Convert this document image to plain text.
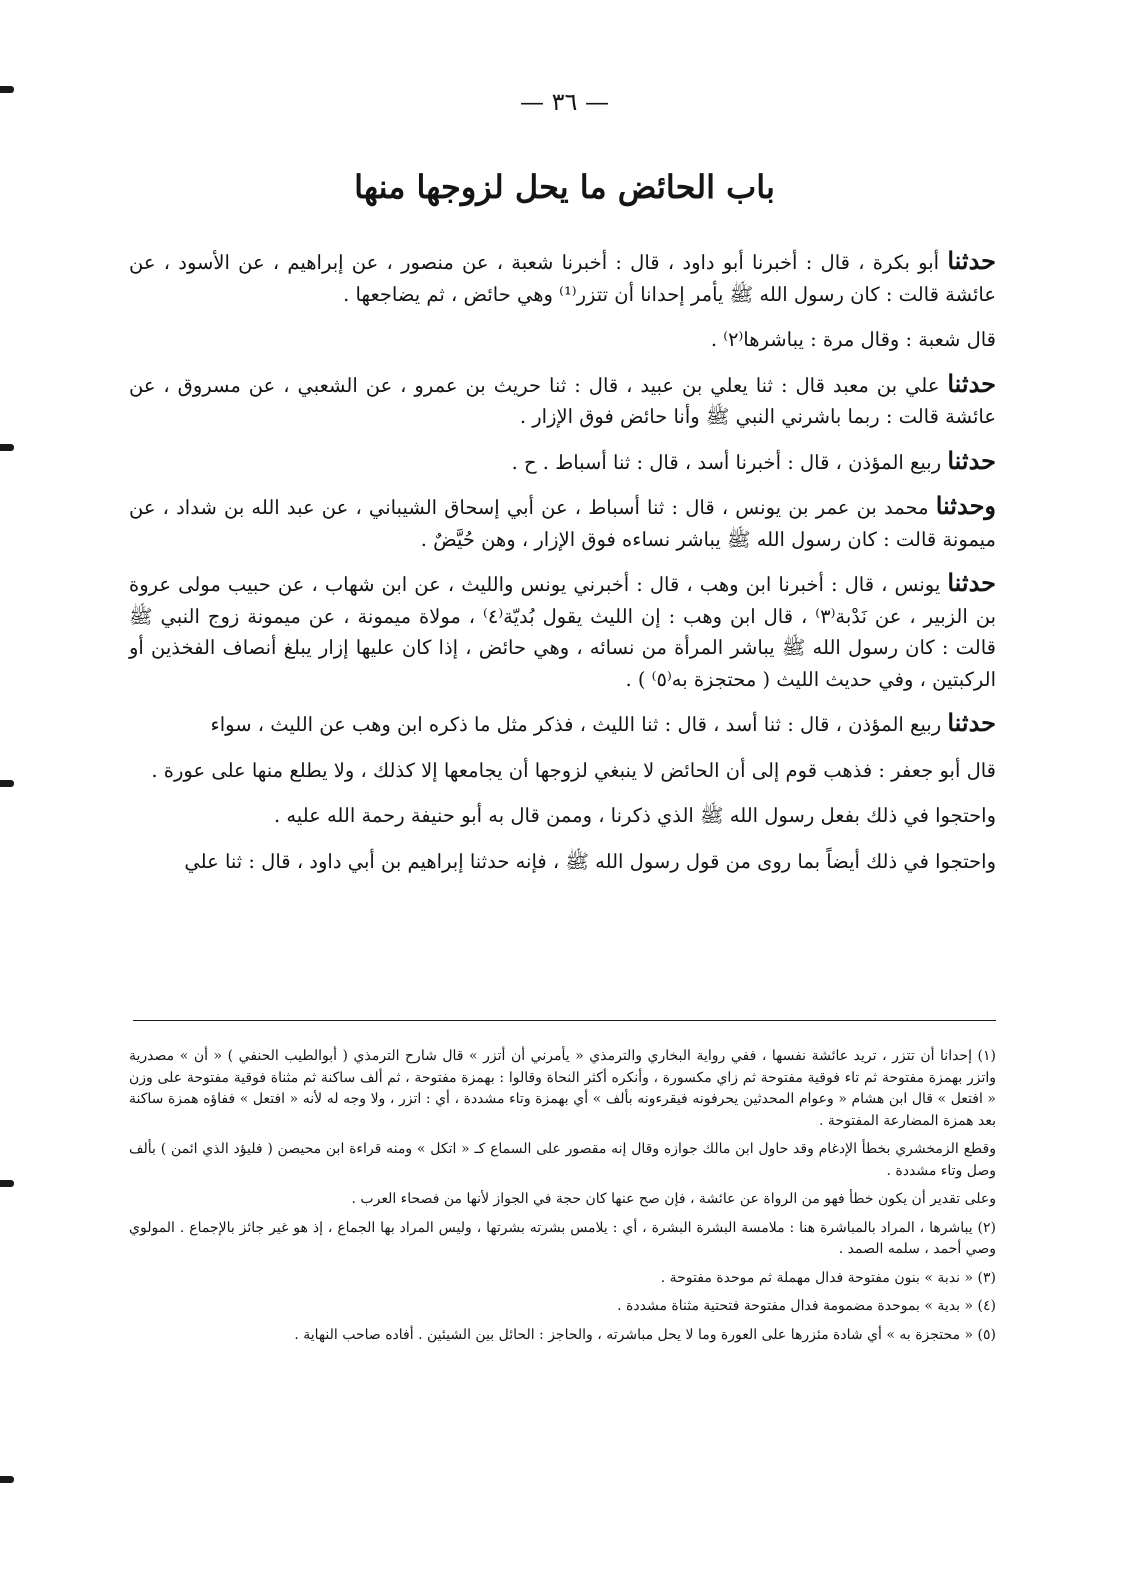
— ٣٦ —
باب الحائض ما يحل لزوجها منها

حدثنا أبو بكرة ، قال : أخبرنا أبو داود ، قال : أخبرنا شعبة ، عن منصور ، عن إبراهيم ، عن الأسود ، عن عائشة قالت : كان رسول الله ﷺ يأمر إحدانا أن تتزر⁽¹⁾ وهي حائض ، ثم يضاجعها .

قال شعبة : وقال مرة : يباشرها⁽٢⁾ .

حدثنا علي بن معبد قال : ثنا يعلي بن عبيد ، قال : ثنا حريث بن عمرو ، عن الشعبي ، عن مسروق ، عن عائشة قالت : ربما باشرني النبي ﷺ وأنا حائض فوق الإزار .

حدثنا ربيع المؤذن ، قال : أخبرنا أسد ، قال : ثنا أسباط . ح .

وحدثنا محمد بن عمر بن يونس ، قال : ثنا أسباط ، عن أبي إسحاق الشيباني ، عن عبد الله بن شداد ، عن ميمونة قالت : كان رسول الله ﷺ يباشر نساءه فوق الإزار ، وهن حُيَّضٌ .

حدثنا يونس ، قال : أخبرنا ابن وهب ، قال : أخبرني يونس والليث ، عن ابن شهاب ، عن حبيب مولى عروة بن الزبير ، عن نَدْبة⁽٣⁾ ، قال ابن وهب : إن الليث يقول بُديّة⁽٤⁾ ، مولاة ميمونة ، عن ميمونة زوج النبي ﷺ قالت : كان رسول الله ﷺ يباشر المرأة من نسائه ، وهي حائض ، إذا كان عليها إزار يبلغ أنصاف الفخذين أو الركبتين ، وفي حديث الليث ( محتجزة به⁽٥⁾ ) .

حدثنا ربيع المؤذن ، قال : ثنا أسد ، قال : ثنا الليث ، فذكر مثل ما ذكره ابن وهب عن الليث ، سواء

قال أبو جعفر : فذهب قوم إلى أن الحائض لا ينبغي لزوجها أن يجامعها إلا كذلك ، ولا يطلع منها على عورة .

واحتجوا في ذلك بفعل رسول الله ﷺ الذي ذكرنا ، وممن قال به أبو حنيفة رحمة الله عليه .

واحتجوا في ذلك أيضاً بما روى من قول رسول الله ﷺ ، فإنه حدثنا إبراهيم بن أبي داود ، قال : ثنا علي

(١) إحدانا أن تتزر ، تريد عائشة نفسها ، ففي رواية البخاري والترمذي « يأمرني أن أتزر » قال شارح الترمذي ( أبوالطيب الحنفي ) « أن » مصدرية واتزر بهمزة مفتوحة ثم تاء فوقية مفتوحة ثم زاي مكسورة ، وأنكره أكثر النحاة وقالوا : بهمزة مفتوحة ، ثم ألف ساكنة ثم مثناة فوقية مفتوحة على وزن « افتعل » قال ابن هشام « وعوام المحدثين يحرفونه فيقرءونه بألف » أي بهمزة وتاء مشددة ، أي : اتزر ، ولا وجه له لأنه « افتعل » ففاؤه همزة ساكنة بعد همزة المضارعة المفتوحة .

وقطع الزمخشري بخطأ الإدغام وقد حاول ابن مالك جوازه وقال إنه مقصور على السماع كـ « اتكل » ومنه قراءة ابن محيصن ( فليؤد الذي ائمن ) بألف وصل وتاء مشددة .

وعلى تقدير أن يكون خطأ فهو من الرواة عن عائشة ، فإن صح عنها كان حجة في الجواز لأنها من فصحاء العرب .

(٢) يباشرها ، المراد بالمباشرة هنا : ملامسة البشرة البشرة ، أي : يلامس بشرته بشرتها ، وليس المراد بها الجماع ، إذ هو غير جائز بالإجماع . المولوي وصي أحمد ، سلمه الصمد .

(٣) « ندبة » بنون مفتوحة فدال مهملة ثم موحدة مفتوحة .

(٤) « بدية » بموحدة مضمومة فدال مفتوحة فتحتية مثناة مشددة .

(٥) « محتجزة به » أي شادة مئزرها على العورة وما لا يحل مباشرته ، والحاجز : الحائل بين الشيئين . أفاده صاحب النهاية .
